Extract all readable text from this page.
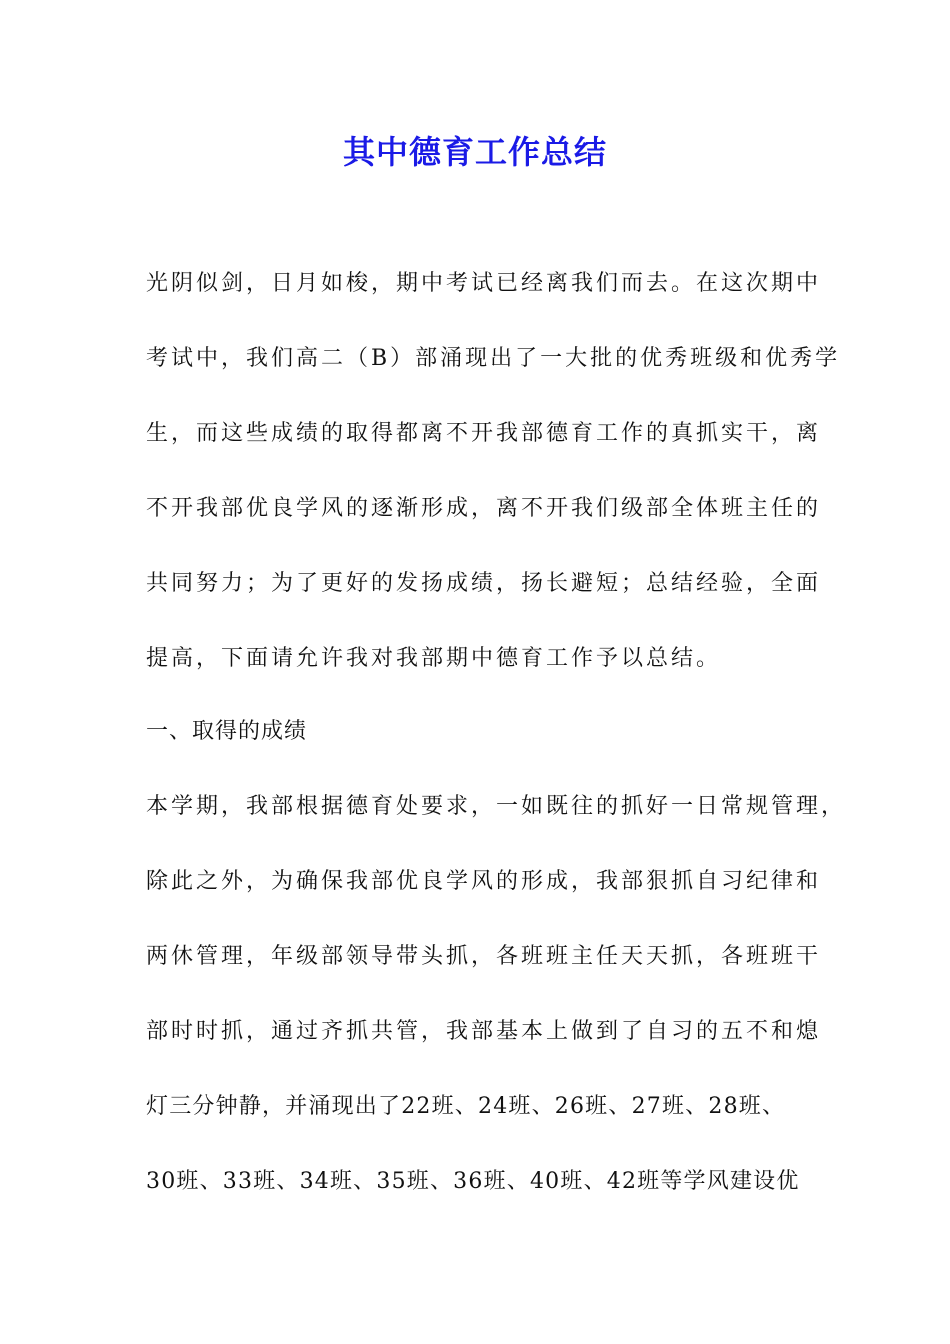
其中德育工作总结
光阴似剑，日月如梭，期中考试已经离我们而去。在这次期中
考试中，我们高二（B）部涌现出了一大批的优秀班级和优秀学
生，而这些成绩的取得都离不开我部德育工作的真抓实干，离
不开我部优良学风的逐渐形成，离不开我们级部全体班主任的
共同努力；为了更好的发扬成绩，扬长避短；总结经验，全面
提高，下面请允许我对我部期中德育工作予以总结。
一、取得的成绩
本学期，我部根据德育处要求，一如既往的抓好一日常规管理，
除此之外，为确保我部优良学风的形成，我部狠抓自习纪律和
两休管理，年级部领导带头抓，各班班主任天天抓，各班班干
部时时抓，通过齐抓共管，我部基本上做到了自习的五不和熄
灯三分钟静，并涌现出了22班、24班、26班、27班、28班、
30班、33班、34班、35班、36班、40班、42班等学风建设优
